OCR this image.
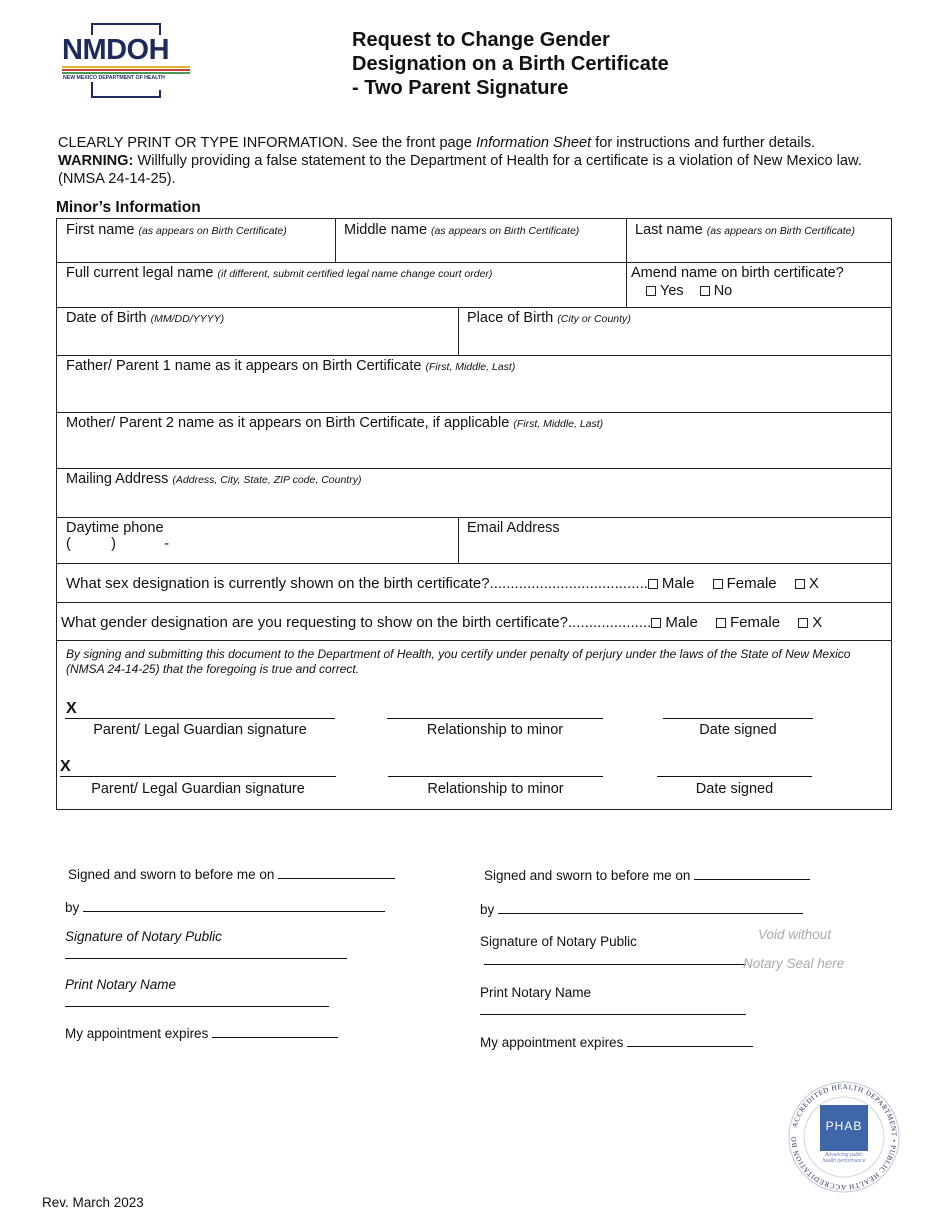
NMDOH
NEW MEXICO DEPARTMENT OF HEALTH
Request to Change Gender
Designation on a Birth Certificate
- Two Parent Signature

CLEARLY PRINT OR TYPE INFORMATION. See the front page Information Sheet for instructions and further details.

WARNING: Willfully providing a false statement to the Department of Health for a certificate is a violation of New Mexico law. (NMSA 24-14-25).

Minor’s Information
First name (as appears on Birth Certificate)	Middle name (as appears on Birth Certificate)	Last name (as appears on Birth Certificate)
Full current legal name (if different, submit certified legal name change court order)	Amend name on birth certificate?
Yes No
Date of Birth (MM/DD/YYYY)	Place of Birth (City or County)
Father/ Parent 1 name as it appears on Birth Certificate (First, Middle, Last)
Mother/ Parent 2 name as it appears on Birth Certificate, if applicable (First, Middle, Last)
Mailing Address (Address, City, State, ZIP code, Country)
Daytime phone
(          )            -
Email Address
What sex designation is currently shown on the birth certificate?...................................... Male Female X
What gender designation are you requesting to show on the birth certificate?.................... Male Female X
By signing and submitting this document to the Department of Health, you certify under penalty of perjury under the laws of the State of New Mexico (NMSA 24-14-25) that the foregoing is true and correct.
X
Parent/ Legal Guardian signature	Relationship to minor	Date signed
X
Parent/ Legal Guardian signature	Relationship to minor	Date signed
Signed and sworn to before me on
by
Signature of Notary Public
Print Notary Name
My appointment expires
Signed and sworn to before me on
by
Signature of Notary Public	Void without
Notary Seal here
Print Notary Name
My appointment expires
ACCREDITED HEALTH DEPARTMENT • PUBLIC HEALTH ACCREDITATION BO
PHAB
Advancing public health performance
Rev. March 2023
